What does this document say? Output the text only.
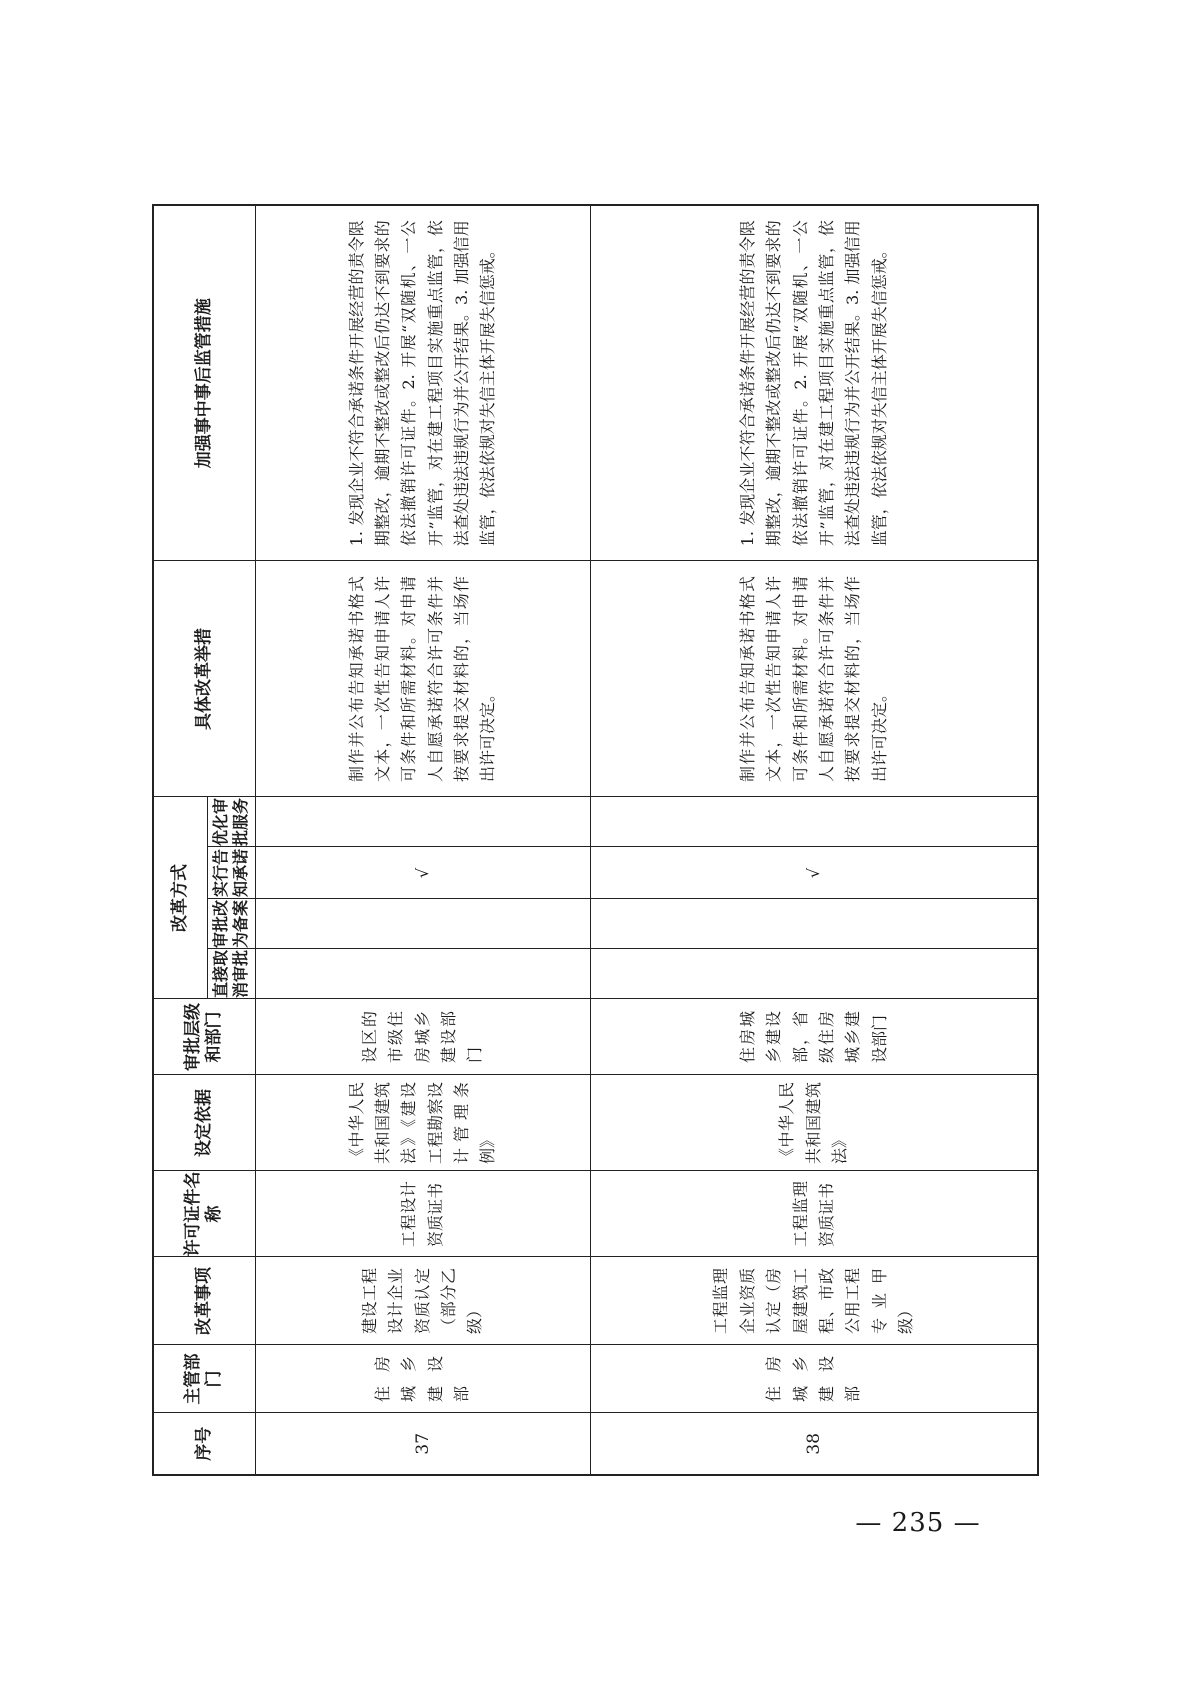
序号	主管部门	改革事项	许可证件名称	设定依据	审批层级和部门	改革方式				具体改革举措	加强事中事后监管措施
						直接取消审批	审批改为备案	实行告知承诺	优化审批服务		
37	住房城乡建设部	建设工程设计企业资质认定（部分乙级）	工程设计资质证书	《中华人民共和国建筑法》《建设工程勘察设计管理条例》	设区的市级住房城乡建设部门			√		制作并公布告知承诺书格式文本，一次性告知申请人许可条件和所需材料。对申请人自愿承诺符合许可条件并按要求提交材料的，当场作出许可决定。	1. 发现企业不符合承诺条件开展经营的责令限期整改，逾期不整改或整改后仍达不到要求的依法撤销许可证件。2. 开展“双随机、一公开”监管，对在建工程项目实施重点监管，依法查处违法违规行为并公开结果。3. 加强信用监管，依法依规对失信主体开展失信惩戒。
38	住房城乡建设部	工程监理企业资质认定（房屋建筑工程、市政公用工程专业甲级）	工程监理资质证书	《中华人民共和国建筑法》	住房城乡建设部，省级住房城乡建设部门			√		制作并公布告知承诺书格式文本，一次性告知申请人许可条件和所需材料。对申请人自愿承诺符合许可条件并按要求提交材料的，当场作出许可决定。	1. 发现企业不符合承诺条件开展经营的责令限期整改，逾期不整改或整改后仍达不到要求的依法撤销许可证件。2. 开展“双随机、一公开”监管，对在建工程项目实施重点监管，依法查处违法违规行为并公开结果。3. 加强信用监管，依法依规对失信主体开展失信惩戒。
— 235 —
